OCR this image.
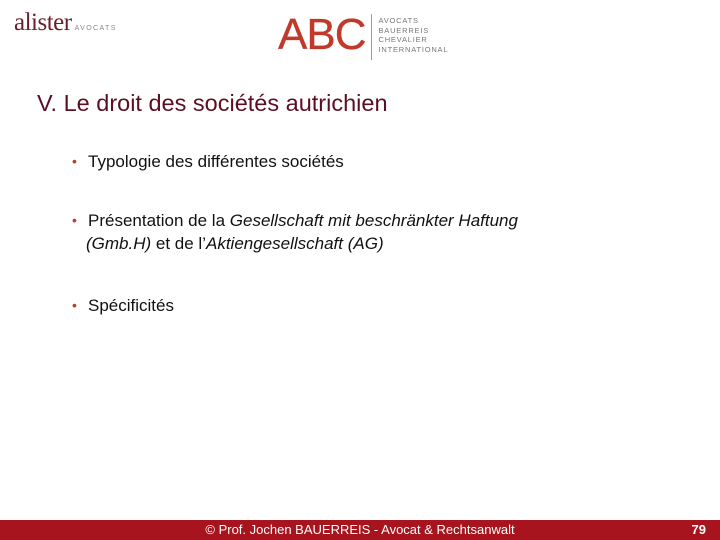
alister AVOCATS	ABC AVOCATS
BAUERREIS
CHEVALIER
INTERNATIONAL
V. Le droit des sociétés autrichien
• Typologie des différentes sociétés
• Présentation de la Gesellschaft mit beschränkter Haftung
(Gmb.H) et de l’Aktiengesellschaft (AG)
• Spécificités
© Prof. Jochen BAUERREIS - Avocat & Rechtsanwalt	79
